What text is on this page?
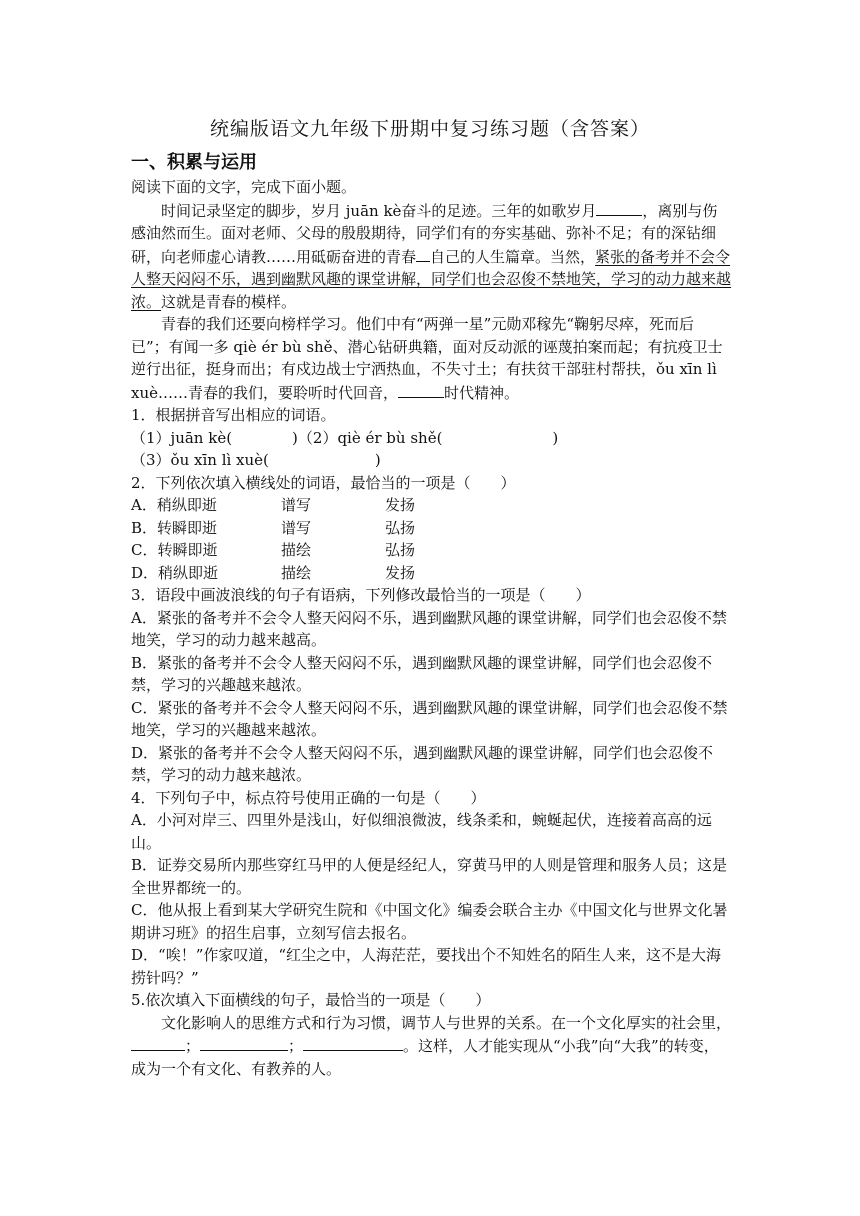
统编版语文九年级下册期中复习练习题（含答案）
一、积累与运用

阅读下面的文字，完成下面小题。

时间记录坚定的脚步，岁月 juān kè奋斗的足迹。三年的如歌岁月	，离别与伤感油然而生。面对老师、父母的殷殷期待，同学们有的夯实基础、弥补不足；有的深钻细研，向老师虚心请教……用砥砺奋进的青春 自己的人生篇章。当然，紧张的备考并不会令人整天闷闷不乐，遇到幽默风趣的课堂讲解，同学们也会忍俊不禁地笑，学习的动力越来越浓。这就是青春的模样。

青春的我们还要向榜样学习。他们中有“两弹一星”元勋邓稼先“鞠躬尽瘁，死而后已”；有闻一多 qiè ér bù shě、潜心钻研典籍，面对反动派的诬蔑拍案而起；有抗疫卫士逆行出征，挺身而出；有戍边战士宁洒热血，不失寸土；有扶贫干部驻村帮扶，ǒu xīn lì xuè……青春的我们，要聆听时代回音，	时代精神。

1．根据拼音写出相应的词语。

（1）juān kè(	)（2）qiè ér bù shě(	)

（3）ǒu xīn lì xuè(	)

2．下列依次填入横线处的词语，最恰当的一项是（　　）

A．稍纵即逝	谱写	发扬

B．转瞬即逝	谱写	弘扬

C．转瞬即逝	描绘	弘扬

D．稍纵即逝	描绘	发扬

3．语段中画波浪线的句子有语病，下列修改最恰当的一项是（　　）

A．紧张的备考并不会令人整天闷闷不乐，遇到幽默风趣的课堂讲解，同学们也会忍俊不禁地笑，学习的动力越来越高。

B．紧张的备考并不会令人整天闷闷不乐，遇到幽默风趣的课堂讲解，同学们也会忍俊不禁，学习的兴趣越来越浓。

C．紧张的备考并不会令人整天闷闷不乐，遇到幽默风趣的课堂讲解，同学们也会忍俊不禁地笑，学习的兴趣越来越浓。

D．紧张的备考并不会令人整天闷闷不乐，遇到幽默风趣的课堂讲解，同学们也会忍俊不禁，学习的动力越来越浓。

4．下列句子中，标点符号使用正确的一句是（　　）

A．小河对岸三、四里外是浅山，好似细浪微波，线条柔和，蜿蜒起伏，连接着高高的远山。

B．证券交易所内那些穿红马甲的人便是经纪人，穿黄马甲的人则是管理和服务人员；这是全世界都统一的。

C．他从报上看到某大学研究生院和《中国文化》编委会联合主办《中国文化与世界文化暑期讲习班》的招生启事，立刻写信去报名。

D．“唉！”作家叹道，“红尘之中，人海茫茫，要找出个不知姓名的陌生人来，这不是大海捞针吗？”

5.依次填入下面横线的句子，最恰当的一项是（　　）

文化影响人的思维方式和行为习惯，调节人与世界的关系。在一个文化厚实的社会里，；	；	。这样，人才能实现从“小我”向“大我”的转变，成为一个有文化、有教养的人。
